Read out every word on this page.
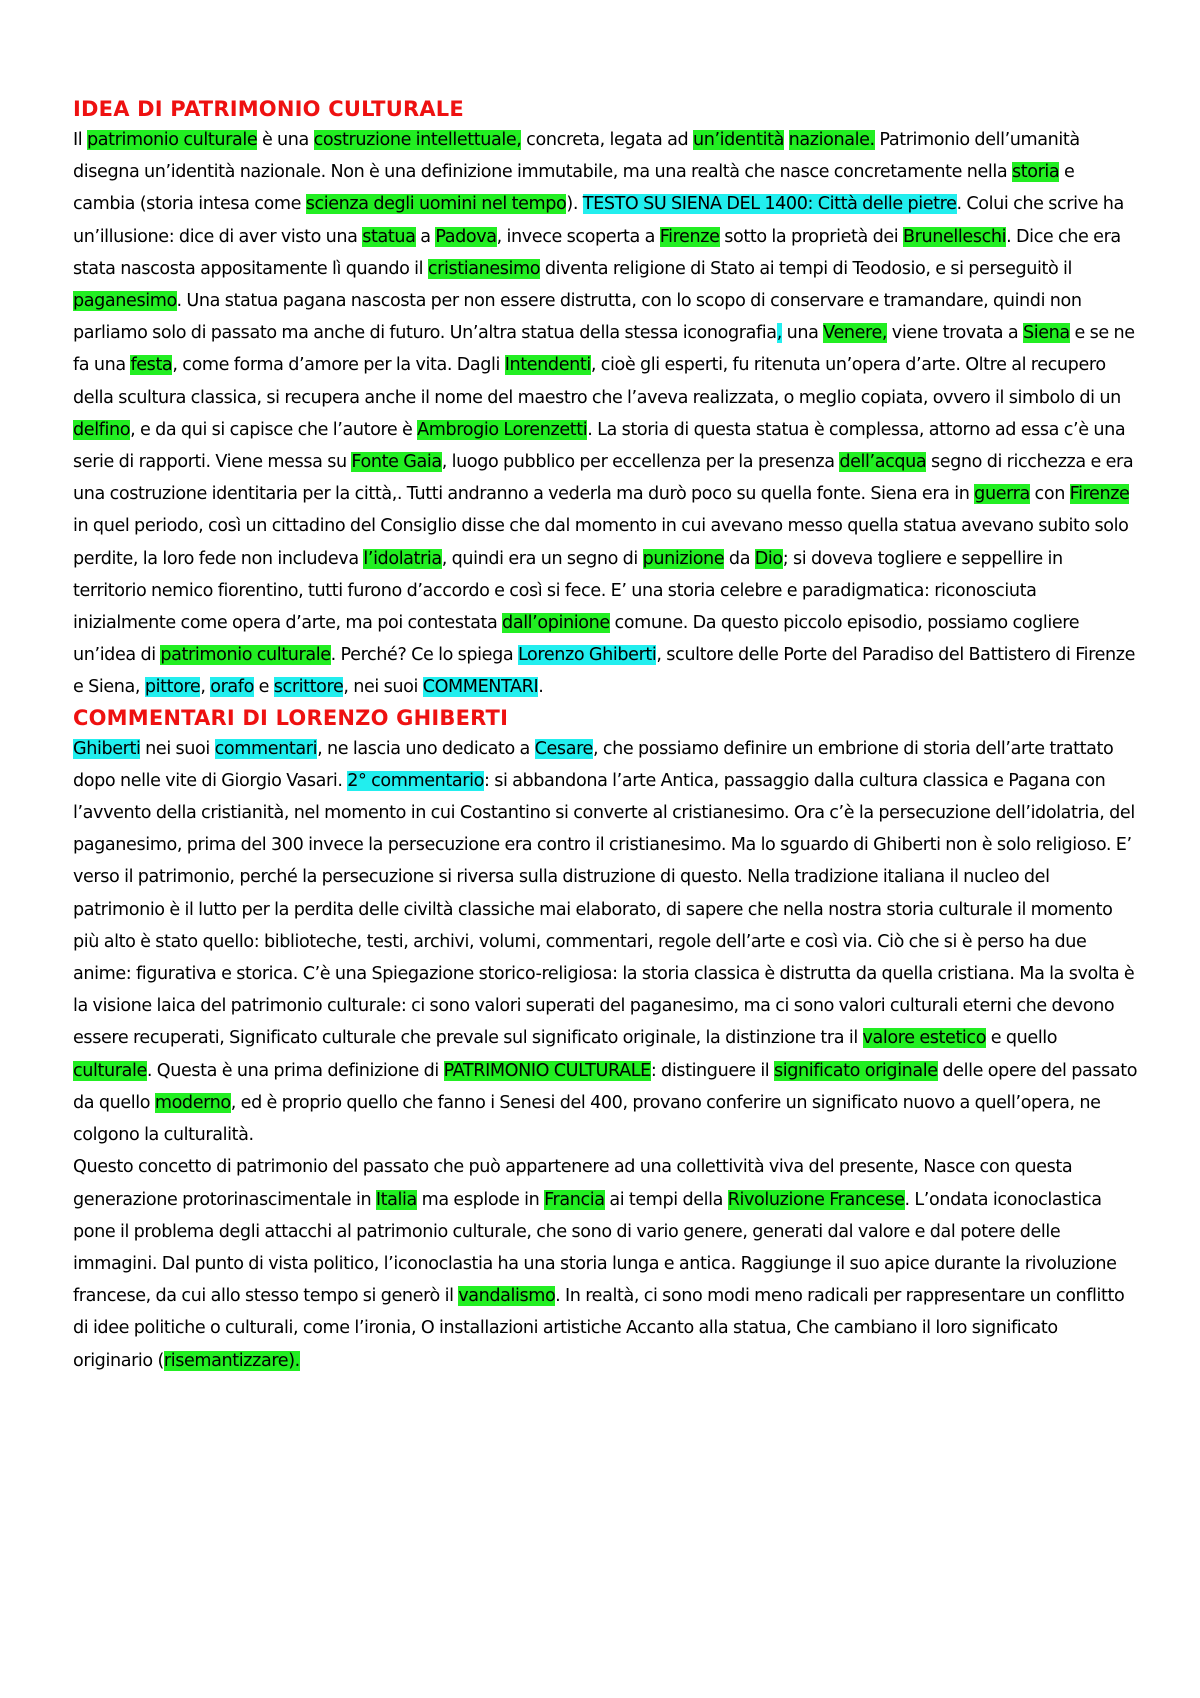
IDEA DI PATRIMONIO CULTURALE

Il patrimonio culturale è una costruzione intellettuale, concreta, legata ad un’identità nazionale. Patrimonio dell’umanità disegna un’identità nazionale. Non è una definizione immutabile, ma una realtà che nasce concretamente nella storia e cambia (storia intesa come scienza degli uomini nel tempo). TESTO SU SIENA DEL 1400: Città delle pietre. Colui che scrive ha un’illusione: dice di aver visto una statua a Padova, invece scoperta a Firenze sotto la proprietà dei Brunelleschi. Dice che era stata nascosta appositamente lì quando il cristianesimo diventa religione di Stato ai tempi di Teodosio, e si perseguitò il paganesimo. Una statua pagana nascosta per non essere distrutta, con lo scopo di conservare e tramandare, quindi non parliamo solo di passato ma anche di futuro. Un’altra statua della stessa iconografia, una Venere, viene trovata a Siena e se ne fa una festa, come forma d’amore per la vita. Dagli Intendenti, cioè gli esperti, fu ritenuta un’opera d’arte. Oltre al recupero della scultura classica, si recupera anche il nome del maestro che l’aveva realizzata, o meglio copiata, ovvero il simbolo di un delfino, e da qui si capisce che l’autore è Ambrogio Lorenzetti. La storia di questa statua è complessa, attorno ad essa c’è una serie di rapporti. Viene messa su Fonte Gaia, luogo pubblico per eccellenza per la presenza dell’acqua segno di ricchezza e era una costruzione identitaria per la città,. Tutti andranno a vederla ma durò poco su quella fonte. Siena era in guerra con Firenze in quel periodo, così un cittadino del Consiglio disse che dal momento in cui avevano messo quella statua avevano subito solo perdite, la loro fede non includeva l’idolatria, quindi era un segno di punizione da Dio; si doveva togliere e seppellire in territorio nemico fiorentino, tutti furono d’accordo e così si fece. E’ una storia celebre e paradigmatica: riconosciuta inizialmente come opera d’arte, ma poi contestata dall’opinione comune. Da questo piccolo episodio, possiamo cogliere un’idea di patrimonio culturale. Perché? Ce lo spiega Lorenzo Ghiberti, scultore delle Porte del Paradiso del Battistero di Firenze e Siena, pittore, orafo e scrittore, nei suoi COMMENTARI.

COMMENTARI DI LORENZO GHIBERTI

Ghiberti nei suoi commentari, ne lascia uno dedicato a Cesare, che possiamo definire un embrione di storia dell’arte trattato dopo nelle vite di Giorgio Vasari. 2° commentario: si abbandona l’arte Antica, passaggio dalla cultura classica e Pagana con l’avvento della cristianità, nel momento in cui Costantino si converte al cristianesimo. Ora c’è la persecuzione dell’idolatria, del paganesimo, prima del 300 invece la persecuzione era contro il cristianesimo. Ma lo sguardo di Ghiberti non è solo religioso. E’ verso il patrimonio, perché la persecuzione si riversa sulla distruzione di questo. Nella tradizione italiana il nucleo del patrimonio è il lutto per la perdita delle civiltà classiche mai elaborato, di sapere che nella nostra storia culturale il momento più alto è stato quello: biblioteche, testi, archivi, volumi, commentari, regole dell’arte e così via. Ciò che si è perso ha due anime: figurativa e storica. C’è una Spiegazione storico-religiosa: la storia classica è distrutta da quella cristiana. Ma la svolta è la visione laica del patrimonio culturale: ci sono valori superati del paganesimo, ma ci sono valori culturali eterni che devono essere recuperati, Significato culturale che prevale sul significato originale, la distinzione tra il valore estetico e quello culturale. Questa è una prima definizione di PATRIMONIO CULTURALE: distinguere il significato originale delle opere del passato da quello moderno, ed è proprio quello che fanno i Senesi del 400, provano conferire un significato nuovo a quell’opera, ne colgono la culturalità.

Questo concetto di patrimonio del passato che può appartenere ad una collettività viva del presente, Nasce con questa generazione protorinascimentale in Italia ma esplode in Francia ai tempi della Rivoluzione Francese. L’ondata iconoclastica pone il problema degli attacchi al patrimonio culturale, che sono di vario genere, generati dal valore e dal potere delle immagini. Dal punto di vista politico, l’iconoclastia ha una storia lunga e antica. Raggiunge il suo apice durante la rivoluzione francese, da cui allo stesso tempo si generò il vandalismo. In realtà, ci sono modi meno radicali per rappresentare un conflitto di idee politiche o culturali, come l’ironia, O installazioni artistiche Accanto alla statua, Che cambiano il loro significato originario (risemantizzare).
